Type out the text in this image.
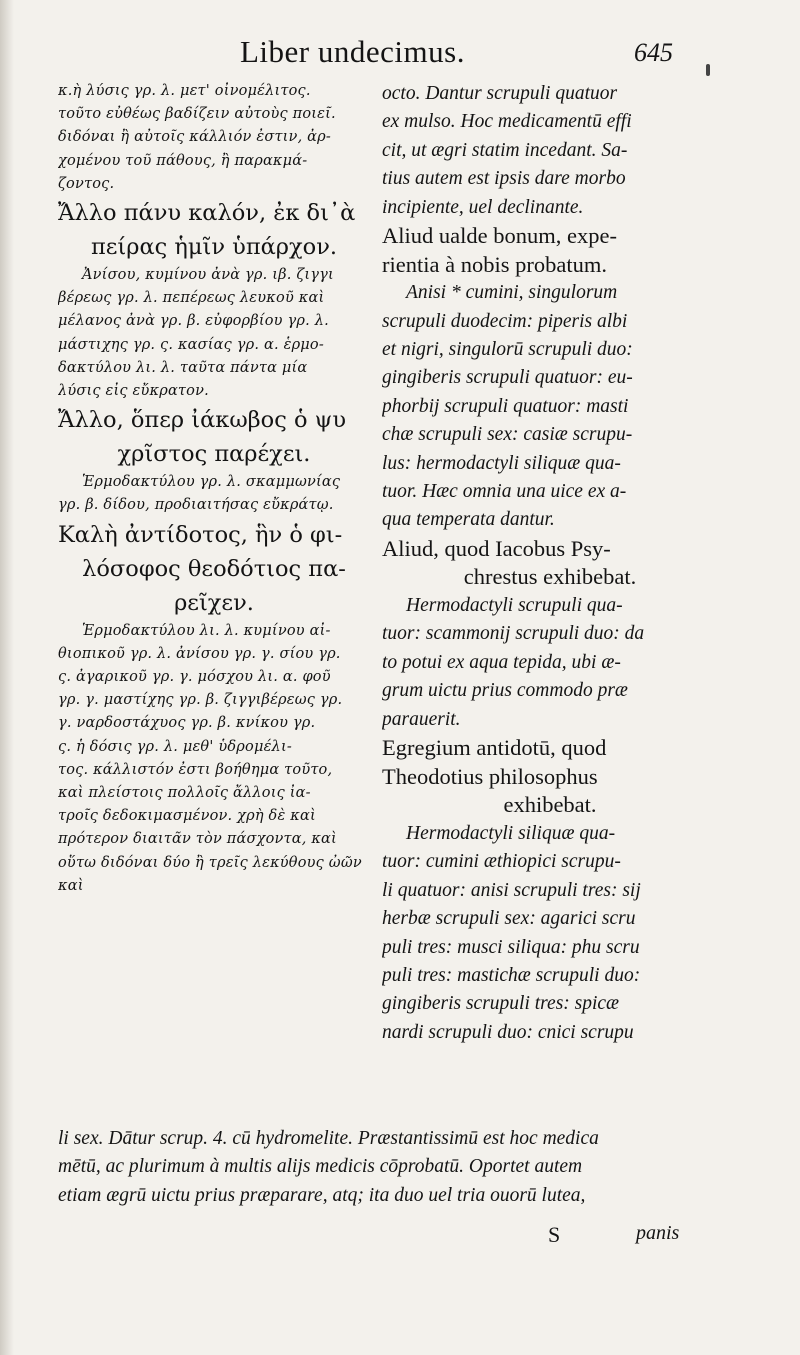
Liber undecimus.	645

κ.ὴ λύσις γρ. λ. μετ' οἰνομέλιτος.

τοῦτο εὐθέως βαδίζειν αὐτοὺς ποιεῖ.

διδόναι ἢ αὐτοῖς κάλλιόν ἐστιν, ἀρ-

χομένου τοῦ πάθους, ἢ παρακμά-

ζοντος.

Ἄλλο πάνυ καλόν, ἐκ δι᾽ὰ

πείρας ἡμῖν ὑπάρχον.

Ἀνίσου, κυμίνου ἀνὰ γρ. ιβ. ζιγγι

βέρεως γρ. λ. πεπέρεως λευκοῦ καὶ

μέλανος ἀνὰ γρ. β. εὐφορβίου γρ. λ.

μάστιχης γρ. ς. κασίας γρ. α. ἑρμο-

δακτύλου λι. λ. ταῦτα πάντα μία

λύσις εἰς εὔκρατον.

Ἄλλο, ὅπερ ἰάκωβος ὁ ψυ

χρῖστος παρέχει.

Ἑρμοδακτύλου γρ. λ. σκαμμωνίας

γρ. β. δίδου, προδιαιτήσας εὔκράτῳ.

Καλὴ ἀντίδοτος, ἣν ὁ φι-

λόσοφος θεοδότιος πα-

ρεῖχεν.

Ἑρμοδακτύλου λι. λ. κυμίνου αἰ-

θιοπικοῦ γρ. λ. ἀνίσου γρ. γ. σίου γρ.

ς. ἀγαρικοῦ γρ. γ. μόσχου λι. α. φοῦ

γρ. γ. μαστίχης γρ. β. ζιγγιβέρεως γρ.

γ. ναρδοστάχυος γρ. β. κνίκου γρ.

ς. ἡ δόσις γρ. λ. μεθ' ὑδρομέλι-

τος. κάλλιστόν ἐστι βοήθημα τοῦτο,

καὶ πλείστοις πολλοῖς ἄλλοις ἰα-

τροῖς δεδοκιμασμένον. χρὴ δὲ καὶ

πρότερον διαιτᾶν τὸν πάσχοντα, καὶ

οὕτω διδόναι δύο ἢ τρεῖς λεκύθους ὠῶν

καὶ

octo. Dantur scrupuli quatuor

ex mulso. Hoc medicamentū effi

cit, ut ægri statim incedant. Sa-

tius autem est ipsis dare morbo

incipiente, uel declinante.

Aliud ualde bonum, expe-

rientia à nobis probatum.

Anisi * cumini, singulorum

scrupuli duodecim: piperis albi

et nigri, singulorū scrupuli duo:

gingiberis scrupuli quatuor: eu-

phorbij scrupuli quatuor: masti

chæ scrupuli sex: casiæ scrupu-

lus: hermodactyli siliquæ qua-

tuor. Hæc omnia una uice ex a-

qua temperata dantur.

Aliud, quod Iacobus Psy-

chrestus exhibebat.

Hermodactyli scrupuli qua-

tuor: scammonij scrupuli duo: da

to potui ex aqua tepida, ubi æ-

grum uictu prius commodo præ

parauerit.

Egregium antidotū, quod

Theodotius philosophus

exhibebat.

Hermodactyli siliquæ qua-

tuor: cumini æthiopici scrupu-

li quatuor: anisi scrupuli tres: sij

herbæ scrupuli sex: agarici scru

puli tres: musci siliqua: phu scru

puli tres: mastichæ scrupuli duo:

gingiberis scrupuli tres: spicæ

nardi scrupuli duo: cnici scrupu

li sex. Dātur scrup. 4. cū hydromelite. Præstantissimū est hoc medica

mētū, ac plurimum à multis alijs medicis cōprobatū. Oportet autem

etiam ægrū uictu prius præparare, atq; ita duo uel tria ouorū lutea,

S	panis
